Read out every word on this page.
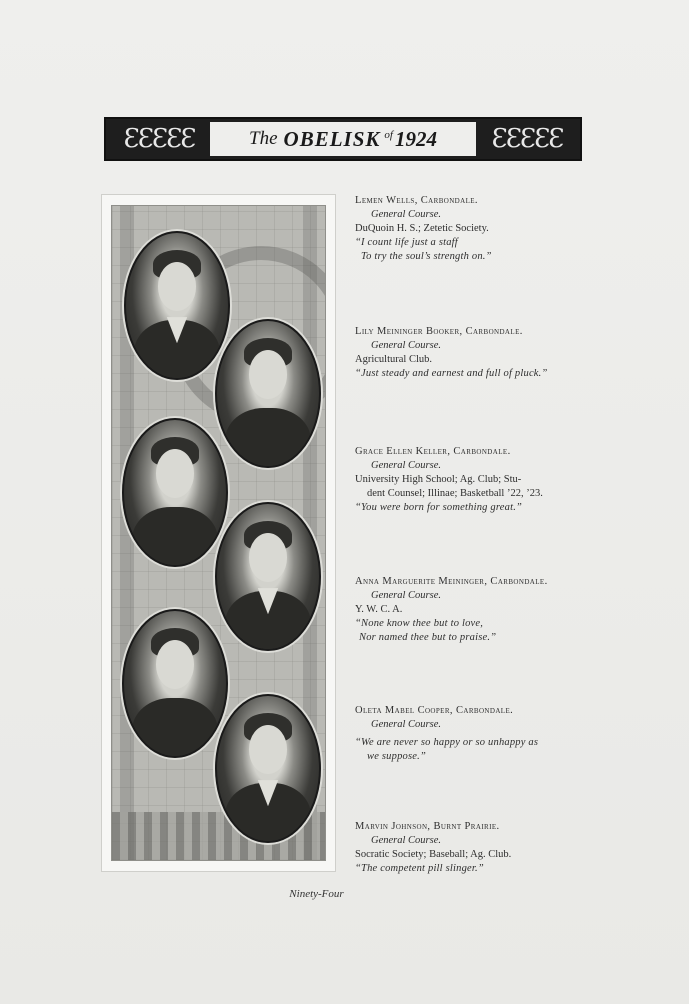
ƐƐƐƐƐ	The OBELISK of 1924	ƐƐƐƐƐ
Lemen Wells, Carbondale.
General Course.
DuQuoin H. S.; Zetetic Society.
“I count life just a staff
To try the soul’s strength on.”
Lily Meininger Booker, Carbondale.
General Course.
Agricultural Club.
“Just steady and earnest and full of pluck.”
Grace Ellen Keller, Carbondale.
General Course.
University High School; Ag. Club; Stu-
dent Counsel; Illinae; Basketball ’22, ’23.
“You were born for something great.”
Anna Marguerite Meininger, Carbondale.
General Course.
Y. W. C. A.
“None know thee but to love,
Nor named thee but to praise.”
Oleta Mabel Cooper, Carbondale.
General Course.
“We are never so happy or so unhappy as
we suppose.”
Marvin Johnson, Burnt Prairie.
General Course.
Socratic Society; Baseball; Ag. Club.
“The competent pill slinger.”
Ninety-Four
